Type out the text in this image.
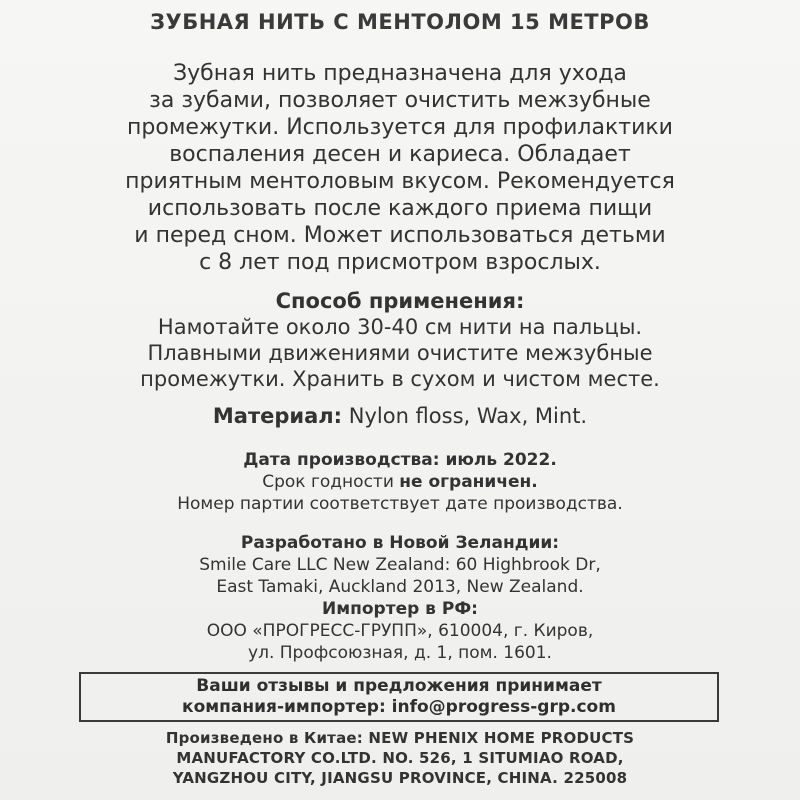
ЗУБНАЯ НИТЬ С МЕНТОЛОМ 15 МЕТРОВ
Зубная нить предназначена для ухода
за зубами, позволяет очистить межзубные
промежутки. Используется для профилактики
воспаления десен и кариеса. Обладает
приятным ментоловым вкусом. Рекомендуется
использовать после каждого приема пищи
и перед сном. Может использоваться детьми
с 8 лет под присмотром взрослых.
Способ применения:
Намотайте около 30-40 см нити на пальцы.
Плавными движениями очистите межзубные
промежутки. Хранить в сухом и чистом месте.
Материал: Nylon floss, Wax, Mint.
Дата производства: июль 2022.
Срок годности не ограничен.
Номер партии соответствует дате производства.
Разработано в Новой Зеландии:
Smile Care LLC New Zealand: 60 Highbrook Dr,
East Tamaki, Auckland 2013, New Zealand.
Импортер в РФ:
ООО «ПРОГРЕСС-ГРУПП», 610004, г. Киров,
ул. Профсоюзная, д. 1, пом. 1601.
Ваши отзывы и предложения принимает
компания-импортер: info@progress-grp.com
Произведено в Китае: NEW PHENIX HOME PRODUCTS
MANUFACTORY CO.LTD. NO. 526, 1 SITUMIAO ROAD,
YANGZHOU CITY, JIANGSU PROVINCE, CHINA. 225008
